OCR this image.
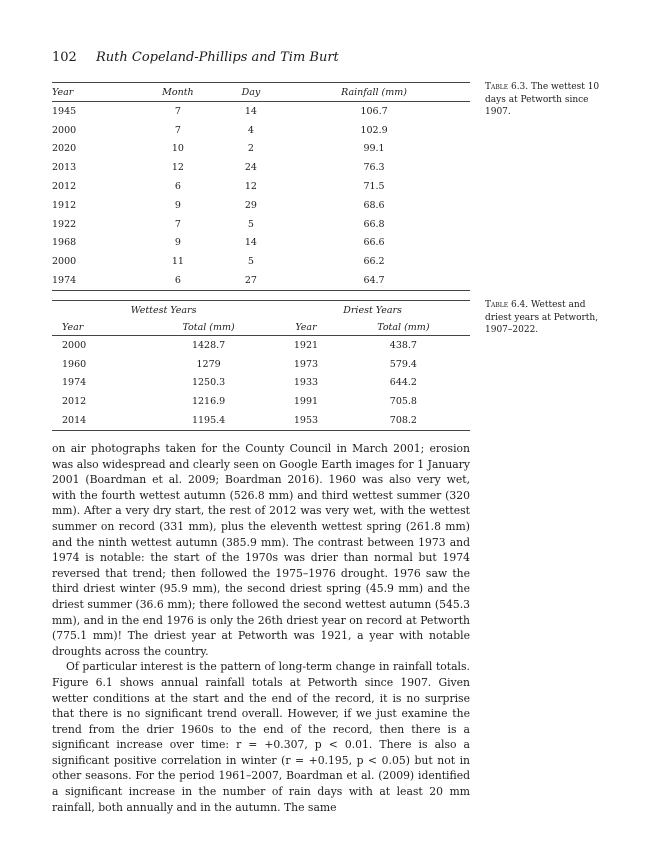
102 Ruth Copeland-Phillips and Tim Burt
Year	Month	Day	Rainfall (mm)
1945	7	14	106.7
2000	7	4	102.9
2020	10	2	99.1
2013	12	24	76.3
2012	6	12	71.5
1912	9	29	68.6
1922	7	5	66.8
1968	9	14	66.6
2000	11	5	66.2
1974	6	27	64.7
Table 6.3. The wettest 10 days at Petworth since 1907.
Wettest Years		Driest Years	
Year	Total (mm)	Year	Total (mm)
2000	1428.7	1921	438.7
1960	1279	1973	579.4
1974	1250.3	1933	644.2
2012	1216.9	1991	705.8
2014	1195.4	1953	708.2
Table 6.4. Wettest and driest years at Petworth, 1907–2022.

on air photographs taken for the County Council in March 2001; erosion was also widespread and clearly seen on Google Earth images for 1 January 2001 (Boardman et al. 2009; Boardman 2016). 1960 was also very wet, with the fourth wettest autumn (526.8 mm) and third wettest summer (320 mm). After a very dry start, the rest of 2012 was very wet, with the wettest summer on record (331 mm), plus the eleventh wettest spring (261.8 mm) and the ninth wettest autumn (385.9 mm). The contrast between 1973 and 1974 is notable: the start of the 1970s was drier than normal but 1974 reversed that trend; then followed the 1975–1976 drought. 1976 saw the third driest winter (95.9 mm), the second driest spring (45.9 mm) and the driest summer (36.6 mm); there followed the second wettest autumn (545.3 mm), and in the end 1976 is only the 26th driest year on record at Petworth (775.1 mm)! The driest year at Petworth was 1921, a year with notable droughts across the country.

Of particular interest is the pattern of long-term change in rainfall totals. Figure 6.1 shows annual rainfall totals at Petworth since 1907. Given wetter conditions at the start and the end of the record, it is no surprise that there is no significant trend overall. However, if we just examine the trend from the drier 1960s to the end of the record, then there is a significant increase over time: r = +0.307, p < 0.01. There is also a significant positive correlation in winter (r = +0.195, p < 0.05) but not in other seasons. For the period 1961–2007, Boardman et al. (2009) identified a significant increase in the number of rain days with at least 20 mm rainfall, both annually and in the autumn. The same
